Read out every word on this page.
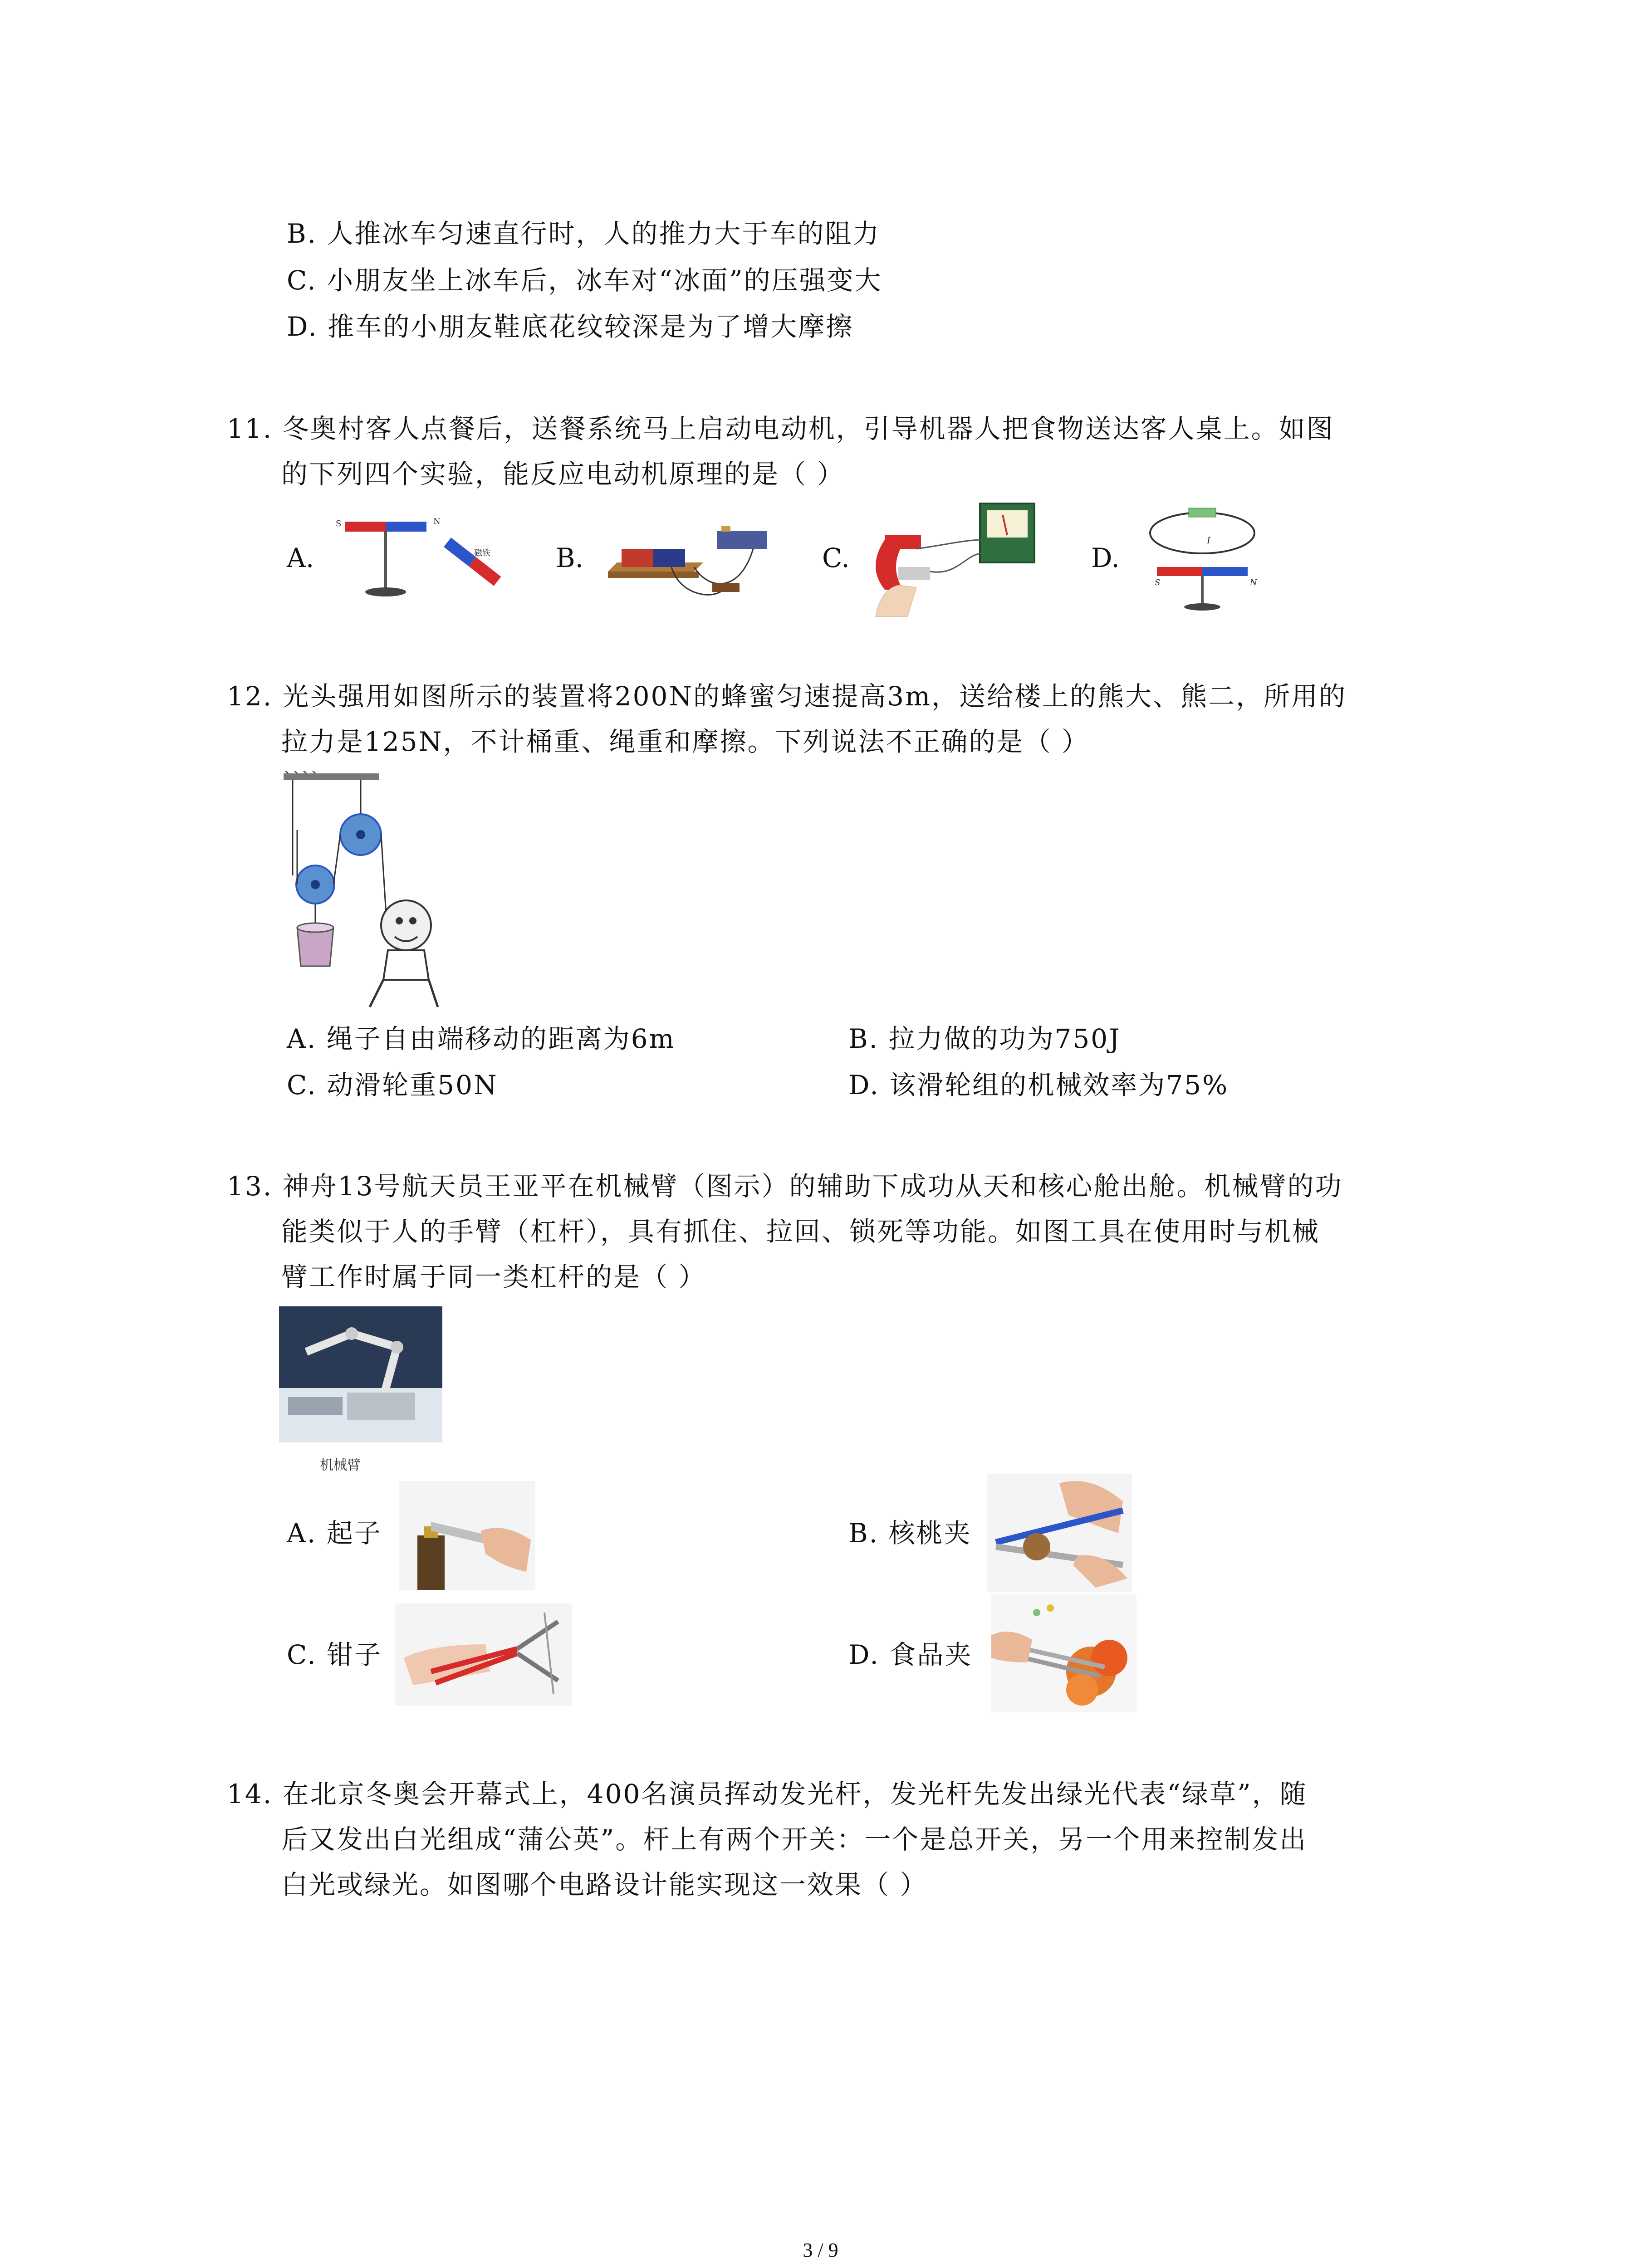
B. 人推冰车匀速直行时，人的推力大于车的阻力
C. 小朋友坐上冰车后，冰车对“冰面”的压强变大
D. 推车的小朋友鞋底花纹较深是为了增大摩擦
11. 冬奥村客人点餐后，送餐系统马上启动电动机，引导机器人把食物送达客人桌上。如图
的下列四个实验，能反应电动机原理的是（ ）
A.
S	N
磁铁 B.	C.	D.
I
S	N
12. 光头强用如图所示的装置将200N的蜂蜜匀速提高3m，送给楼上的熊大、熊二，所用的
拉力是125N，不计桶重、绳重和摩擦。下列说法不正确的是（ ）
A. 绳子自由端移动的距离为6m	B. 拉力做的功为750J
C. 动滑轮重50N	D. 该滑轮组的机械效率为75%
13. 神舟13号航天员王亚平在机械臂（图示）的辅助下成功从天和核心舱出舱。机械臂的功
能类似于人的手臂（杠杆），具有抓住、拉回、锁死等功能。如图工具在使用时与机械
臂工作时属于同一类杠杆的是（ ）
机械臂
A. 起子	B. 核桃夹
C. 钳子	D. 食品夹
14. 在北京冬奥会开幕式上，400名演员挥动发光杆，发光杆先发出绿光代表“绿草”，随
后又发出白光组成“蒲公英”。杆上有两个开关：一个是总开关，另一个用来控制发出
白光或绿光。如图哪个电路设计能实现这一效果（ ）
3 / 9
